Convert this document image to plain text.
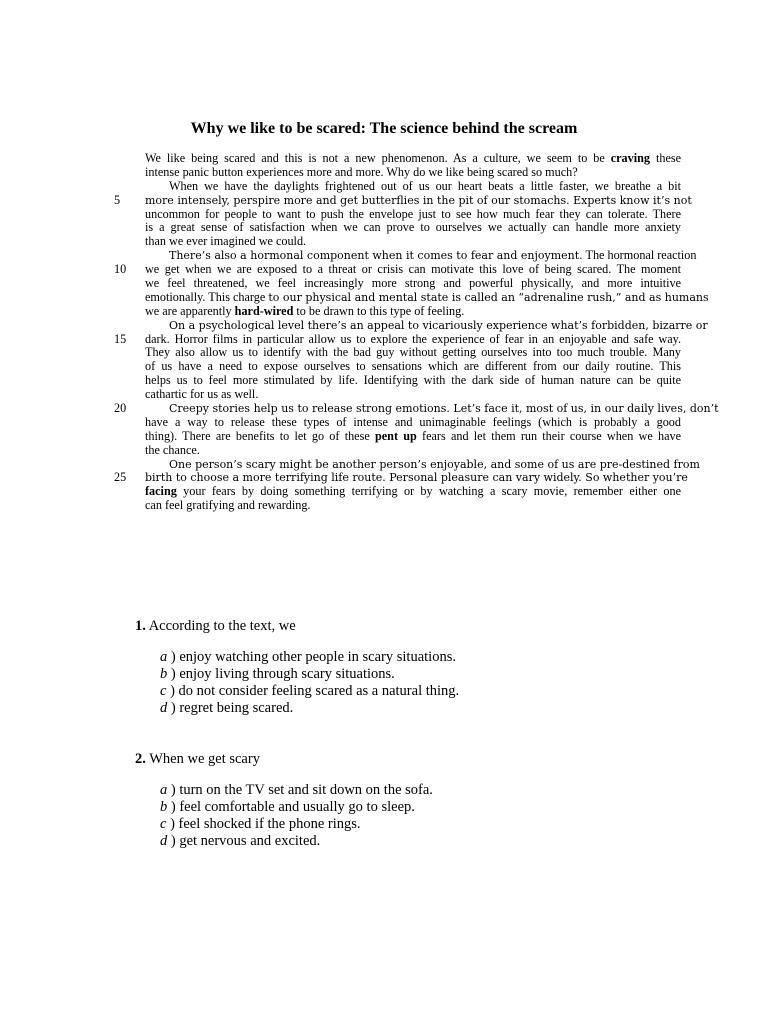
Why we like to be scared: The science behind the scream
We like being scared and this is not a new phenomenon. As a culture, we seem to be craving these
intense panic button experiences more and more. Why do we like being scared so much?
When we have the daylights frightened out of us our heart beats a little faster, we breathe a bit
5	more intensely, perspire more and get butterflies in the pit of our stomachs. Experts know it’s not
uncommon for people to want to push the envelope just to see how much fear they can tolerate. There
is a great sense of satisfaction when we can prove to ourselves we actually can handle more anxiety
than we ever imagined we could.
There’s also a hormonal component when it comes to fear and enjoyment. The hormonal reaction
10	we get when we are exposed to a threat or crisis can motivate this love of being scared. The moment
we feel threatened, we feel increasingly more strong and powerful physically, and more intuitive
emotionally. This charge to our physical and mental state is called an “adrenaline rush,” and as humans
we are apparently hard-wired to be drawn to this type of feeling.
On a psychological level there’s an appeal to vicariously experience what’s forbidden, bizarre or
15	dark. Horror films in particular allow us to explore the experience of fear in an enjoyable and safe way.
They also allow us to identify with the bad guy without getting ourselves into too much trouble. Many
of us have a need to expose ourselves to sensations which are different from our daily routine. This
helps us to feel more stimulated by life. Identifying with the dark side of human nature can be quite
cathartic for us as well.
20	Creepy stories help us to release strong emotions. Let’s face it, most of us, in our daily lives, don’t
have a way to release these types of intense and unimaginable feelings (which is probably a good
thing). There are benefits to let go of these pent up fears and let them run their course when we have
the chance.
One person’s scary might be another person’s enjoyable, and some of us are pre-destined from
25	birth to choose a more terrifying life route. Personal pleasure can vary widely. So whether you’re
facing your fears by doing something terrifying or by watching a scary movie, remember either one
can feel gratifying and rewarding.
1. According to the text, we
a ) enjoy watching other people in scary situations.
b ) enjoy living through scary situations.
c ) do not consider feeling scared as a natural thing.
d ) regret being scared.
2. When we get scary
a ) turn on the TV set and sit down on the sofa.
b ) feel comfortable and usually go to sleep.
c ) feel shocked if the phone rings.
d ) get nervous and excited.
